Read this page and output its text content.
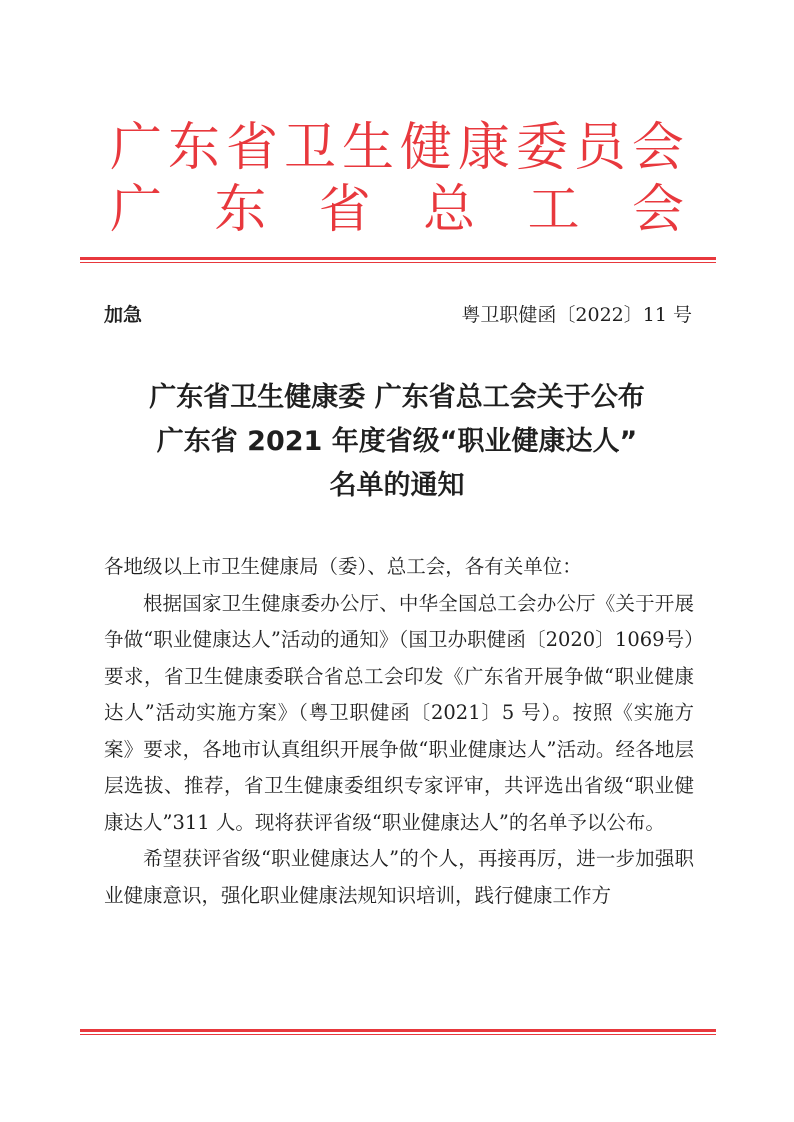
广 东 省 卫 生 健 康 委 员 会
广 东 省 总 工 会
加急	粤卫职健函〔2022〕11 号
广东省卫生健康委 广东省总工会关于公布
广东省 2021 年度省级“职业健康达人”
名单的通知

各地级以上市卫生健康局（委）、总工会，各有关单位：

根据国家卫生健康委办公厅、中华全国总工会办公厅《关于开展争做“职业健康达人”活动的通知》（国卫办职健函〔2020〕1069号）要求，省卫生健康委联合省总工会印发《广东省开展争做“职业健康达人”活动实施方案》（粤卫职健函〔2021〕5 号）。按照《实施方案》要求，各地市认真组织开展争做“职业健康达人”活动。经各地层层选拔、推荐，省卫生健康委组织专家评审，共评选出省级“职业健康达人”311 人。现将获评省级“职业健康达人”的名单予以公布。

希望获评省级“职业健康达人”的个人，再接再厉，进一步加强职业健康意识，强化职业健康法规知识培训，践行健康工作方
